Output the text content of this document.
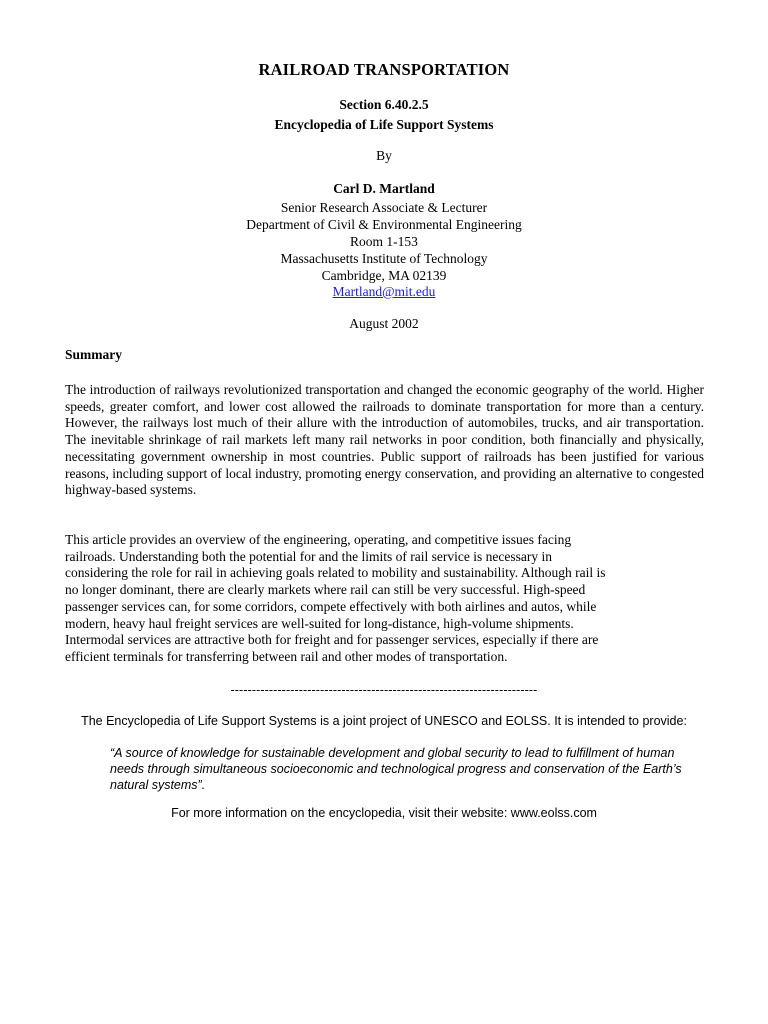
RAILROAD TRANSPORTATION

Section 6.40.2.5

Encyclopedia of Life Support Systems

By

Carl D. Martland

Senior Research Associate & Lecturer

Department of Civil & Environmental Engineering

Room 1-153

Massachusetts Institute of Technology

Cambridge, MA 02139

Martland@mit.edu

August 2002

Summary

The introduction of railways revolutionized transportation and changed the economic geography of the world. Higher speeds, greater comfort, and lower cost allowed the railroads to dominate transportation for more than a century. However, the railways lost much of their allure with the introduction of automobiles, trucks, and air transportation. The inevitable shrinkage of rail markets left many rail networks in poor condition, both financially and physically, necessitating government ownership in most countries. Public support of railroads has been justified for various reasons, including support of local industry, promoting energy conservation, and providing an alternative to congested highway-based systems.

This article provides an overview of the engineering, operating, and competitive issues facing
railroads. Understanding both the potential for and the limits of rail service is necessary in
considering the role for rail in achieving goals related to mobility and sustainability. Although rail is
no longer dominant, there are clearly markets where rail can still be very successful. High-speed
passenger services can, for some corridors, compete effectively with both airlines and autos, while
modern, heavy haul freight services are well-suited for long-distance, high-volume shipments.
Intermodal services are attractive both for freight and for passenger services, especially if there are
efficient terminals for transferring between rail and other modes of transportation.

------------------------------------------------------------------------

The Encyclopedia of Life Support Systems is a joint project of UNESCO and EOLSS. It is intended to provide:

“A source of knowledge for sustainable development and global security to lead to fulfillment of human needs through simultaneous socioeconomic and technological progress and conservation of the Earth’s natural systems”.

For more information on the encyclopedia, visit their website: www.eolss.com
